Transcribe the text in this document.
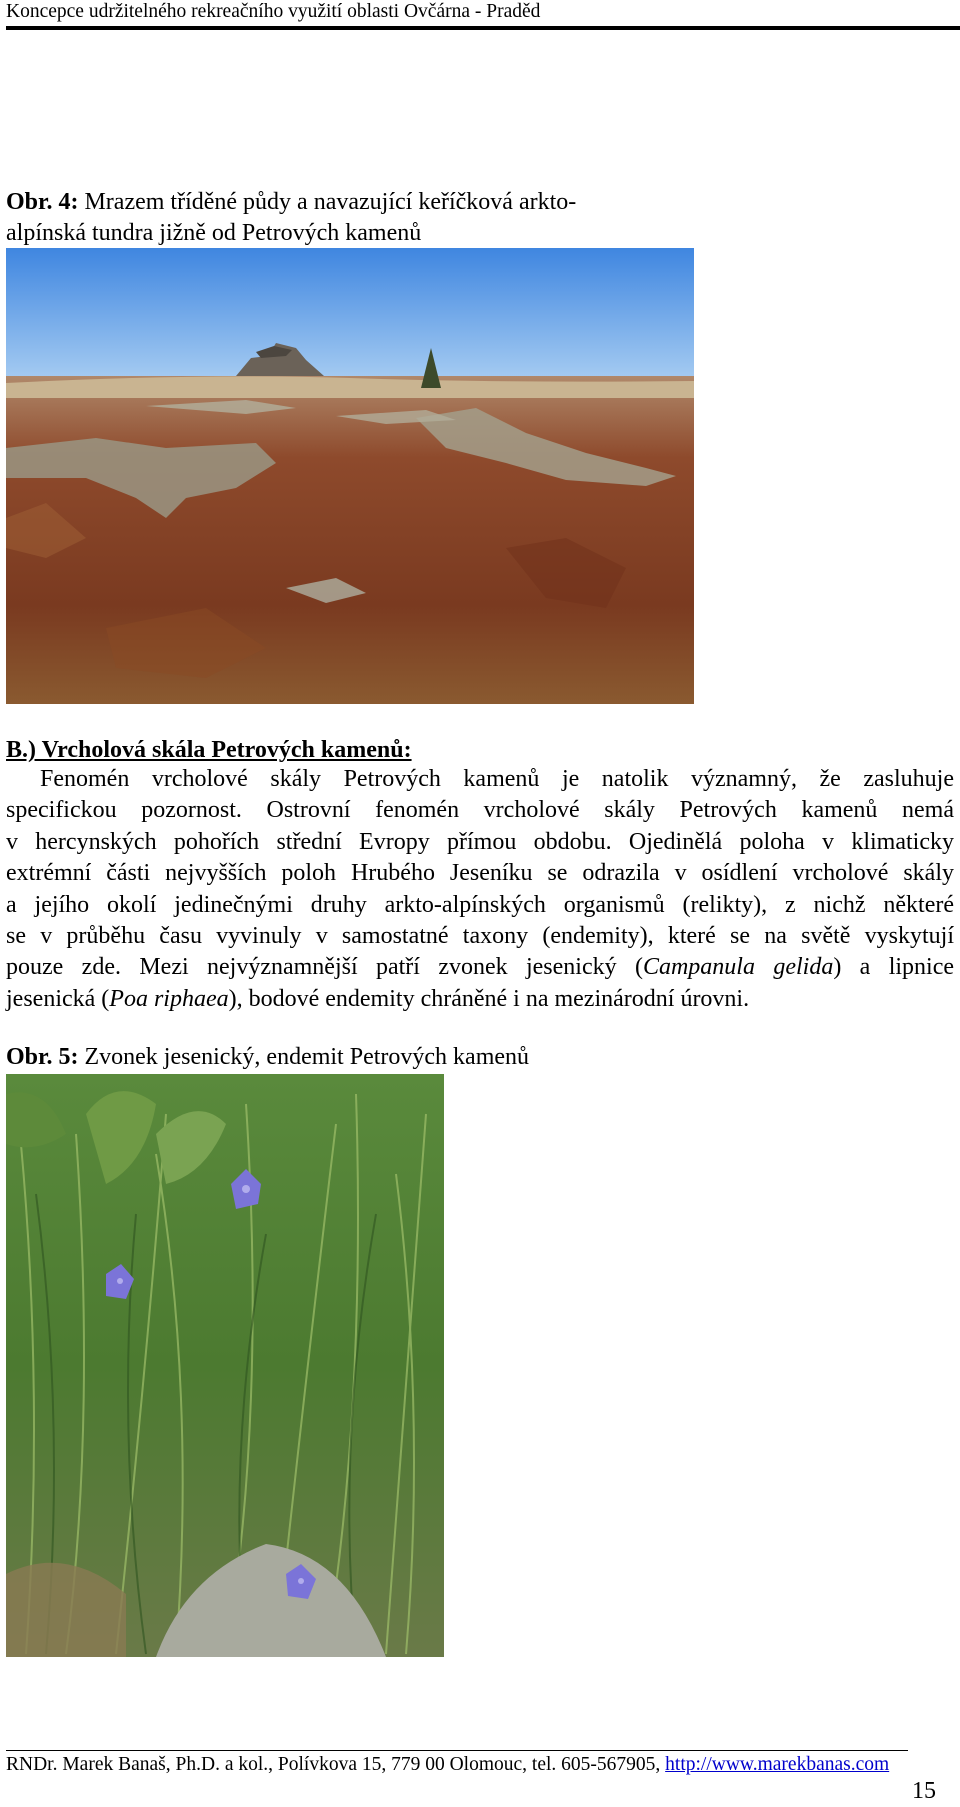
Koncepce udržitelného rekreačního využití oblasti Ovčárna - Praděd
Obr. 4: Mrazem tříděné půdy a navazující keříčková arkto-
alpínská tundra jižně od Petrových kamenů
B.) Vrcholová skála Petrových kamenů:
Fenomén vrcholové skály Petrových kamenů je natolik významný, že zasluhuje
specifickou pozornost. Ostrovní fenomén vrcholové skály Petrových kamenů nemá
v hercynských pohořích střední Evropy přímou obdobu. Ojedinělá poloha v klimaticky
extrémní části nejvyšších poloh Hrubého Jeseníku se odrazila v osídlení vrcholové skály
a jejího okolí jedinečnými druhy arkto-alpínských organismů (relikty), z nichž některé
se v průběhu času vyvinuly v samostatné taxony (endemity), které se na světě vyskytují
pouze zde. Mezi nejvýznamnější patří zvonek jesenický (Campanula gelida) a lipnice
jesenická (Poa riphaea), bodové endemity chráněné i na mezinárodní úrovni.
Obr. 5: Zvonek jesenický, endemit Petrových kamenů
RNDr. Marek Banaš, Ph.D. a kol., Polívkova 15, 779 00 Olomouc, tel. 605-567905, http://www.marekbanas.com
15
